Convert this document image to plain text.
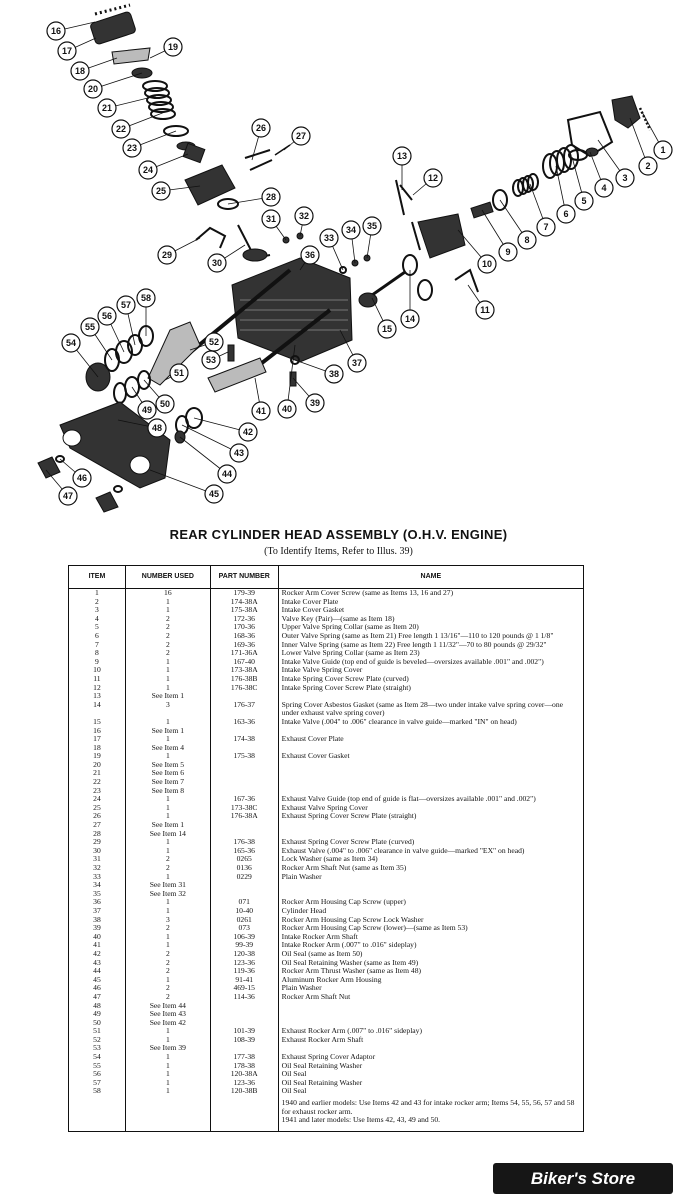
1
2
3
4
5
6
7
8
9
10
11
12
13
14
15
16
17
18
19
20
21
22
23
24
25
26
27
28
29
30
31	32
33
34 35
36
37
38
39
40
41
42
43
44
45
46
47
48
49
50
51
52
53
54
55
56
57
58
REAR CYLINDER HEAD ASSEMBLY (O.H.V. ENGINE)
(To Identify Items, Refer to Illus. 39)
ITEM	NUMBER USED	PART NUMBER	NAME
1	16	179-39	Rocker Arm Cover Screw (same as Items 13, 16 and 27)
2	1	174-38A	Intake Cover Plate
3	1	175-38A	Intake Cover Gasket
4	2	172-36	Valve Key (Pair)—(same as Item 18)
5	2	170-36	Upper Valve Spring Collar (same as Item 20)
6	2	168-36	Outer Valve Spring (same as Item 21) Free length 1 13/16"—110 to 120 pounds @ 1 1/8"
7	2	169-36	Inner Valve Spring (same as Item 22) Free length 1 11/32"—70 to 80 pounds @ 29/32"
8	2	171-36A	Lower Valve Spring Collar (same as Item 23)
9	1	167-40	Intake Valve Guide (top end of guide is beveled—oversizes available .001" and .002")
10	1	173-38A	Intake Valve Spring Cover
11	1	176-38B	Intake Spring Cover Screw Plate (curved)
12	1	176-38C	Intake Spring Cover Screw Plate (straight)
13	See Item 1		
14	3	176-37	Spring Cover Asbestos Gasket (same as Item 28—two under intake valve spring cover—one under exhaust valve spring cover)
15	1	163-36	Intake Valve (.004" to .006" clearance in valve guide—marked "IN" on head)
16	See Item 1		
17	1	174-38	Exhaust Cover Plate
18	See Item 4		
19	1	175-38	Exhaust Cover Gasket
20	See Item 5		
21	See Item 6		
22	See Item 7		
23	See Item 8		
24	1	167-36	Exhaust Valve Guide (top end of guide is flat—oversizes available .001" and .002")
25	1	173-38C	Exhaust Valve Spring Cover
26	1	176-38A	Exhaust Spring Cover Screw Plate (straight)
27	See Item 1		
28	See Item 14		
29	1	176-38	Exhaust Spring Cover Screw Plate (curved)
30	1	165-36	Exhaust Valve (.004" to .006" clearance in valve guide—marked "EX" on head)
31	2	0265	Lock Washer (same as Item 34)
32	2	0136	Rocker Arm Shaft Nut (same as Item 35)
33	1	0229	Plain Washer
34	See Item 31		
35	See Item 32		
36	1	071	Rocker Arm Housing Cap Screw (upper)
37	1	10-40	Cylinder Head
38	3	0261	Rocker Arm Housing Cap Screw Lock Washer
39	2	073	Rocker Arm Housing Cap Screw (lower)—(same as Item 53)
40	1	106-39	Intake Rocker Arm Shaft
41	1	99-39	Intake Rocker Arm (.007" to .016" sideplay)
42	2	120-38	Oil Seal (same as Item 50)
43	2	123-36	Oil Seal Retaining Washer (same as Item 49)
44	2	119-36	Rocker Arm Thrust Washer (same as Item 48)
45	1	91-41	Aluminum Rocker Arm Housing
46	2	469-15	Plain Washer
47	2	114-36	Rocker Arm Shaft Nut
48	See Item 44		
49	See Item 43		
50	See Item 42		
51	1	101-39	Exhaust Rocker Arm (.007" to .016" sideplay)
52	1	108-39	Exhaust Rocker Arm Shaft
53	See Item 39		
54	1	177-38	Exhaust Spring Cover Adaptor
55	1	178-38	Oil Seal Retaining Washer
56	1	120-38A	Oil Seal
57	1	123-36	Oil Seal Retaining Washer
58	1	120-38B	Oil Seal

			1940 and earlier models: Use Items 42 and 43 for intake rocker arm; Items 54, 55, 56, 57 and 58 for exhaust rocker arm.
1941 and later models: Use Items 42, 43, 49 and 50.
Biker's Store
